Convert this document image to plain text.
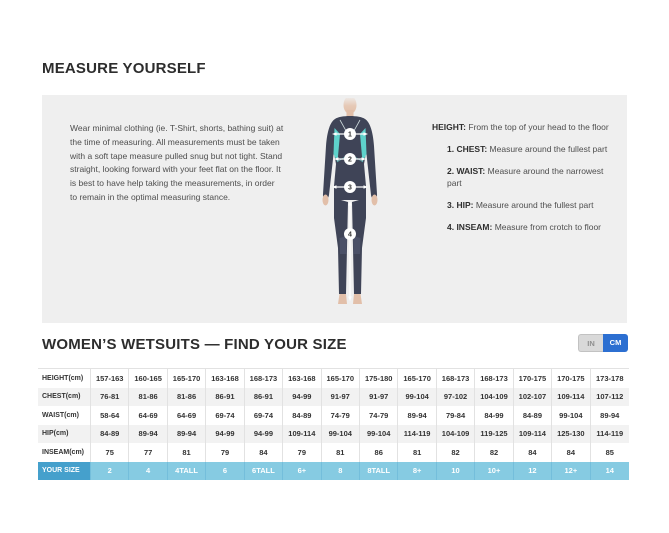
MEASURE YOURSELF
Wear minimal clothing (ie. T-Shirt, shorts, bathing suit) at the time of measuring. All measurements must be taken with a soft tape measure pulled snug but not tight. Stand straight, looking forward with your feet flat on the floor. It is best to have help taking the measurements, in order to remain in the optimal measuring stance.
1
2
3
4
HEIGHT: From the top of your head to the floor
1. CHEST: Measure around the fullest part
2. WAIST: Measure around the narrowest part
3. HIP: Measure around the fullest part
4. INSEAM: Measure from crotch to floor
WOMEN’S WETSUITS — FIND YOUR SIZE	IN	CM
HEIGHT(cm)	157-163	160-165	165-170	163-168	168-173	163-168	165-170	175-180	165-170	168-173	168-173	170-175	170-175	173-178
CHEST(cm)	76-81	81-86	81-86	86-91	86-91	94-99	91-97	91-97	99-104	97-102	104-109	102-107	109-114	107-112
WAIST(cm)	58-64	64-69	64-69	69-74	69-74	84-89	74-79	74-79	89-94	79-84	84-99	84-89	99-104	89-94
HIP(cm)	84-89	89-94	89-94	94-99	94-99	109-114	99-104	99-104	114-119	104-109	119-125	109-114	125-130	114-119
INSEAM(cm)	75	77	81	79	84	79	81	86	81	82	82	84	84	85
YOUR SIZE	2	4	4TALL	6	6TALL	6+	8	8TALL	8+	10	10+	12	12+	14
